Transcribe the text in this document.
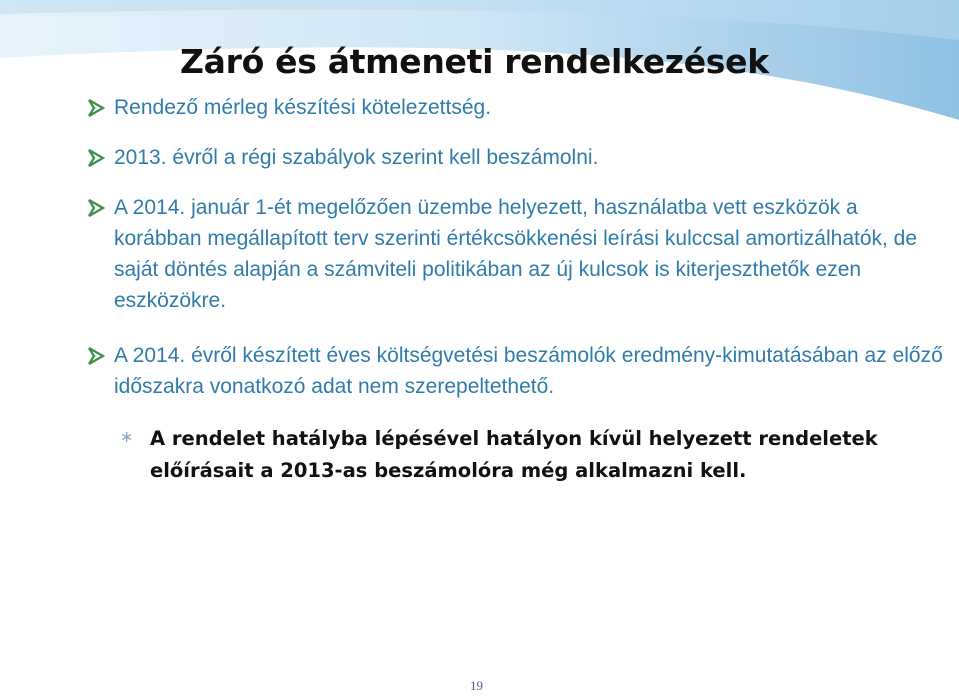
Záró és átmeneti rendelkezések
Rendező mérleg készítési kötelezettség.
2013. évről a régi szabályok szerint kell beszámolni.
A 2014. január 1-ét megelőzően üzembe helyezett, használatba vett eszközök a korábban megállapított terv szerinti értékcsökkenési leírási kulccsal amortizálhatók, de saját döntés alapján a számviteli politikában az új kulcsok is kiterjeszthetők ezen eszközökre.
A 2014. évről készített éves költségvetési beszámolók eredmény-kimutatásában az előző időszakra vonatkozó adat nem szerepeltethető.
∗ A rendelet hatályba lépésével hatályon kívül helyezett rendeletek
előírásait a 2013-as beszámolóra még alkalmazni kell.
19
